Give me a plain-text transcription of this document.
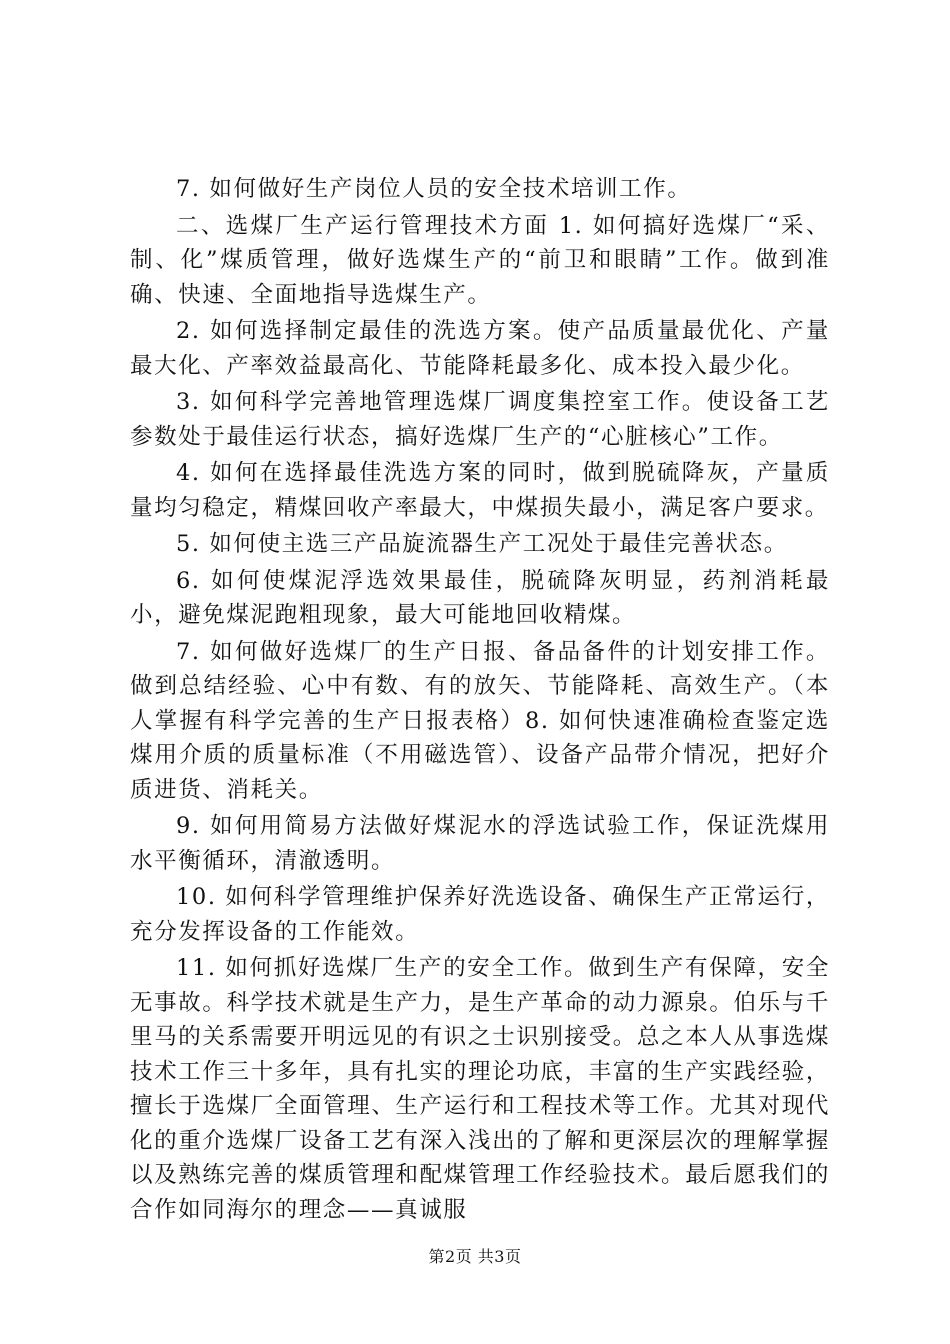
7. 如何做好生产岗位人员的安全技术培训工作。

二、选煤厂生产运行管理技术方面 1. 如何搞好选煤厂“采、制、化”煤质管理，做好选煤生产的“前卫和眼睛”工作。做到准确、快速、全面地指导选煤生产。

2. 如何选择制定最佳的洗选方案。使产品质量最优化、产量最大化、产率效益最高化、节能降耗最多化、成本投入最少化。

3. 如何科学完善地管理选煤厂调度集控室工作。使设备工艺参数处于最佳运行状态，搞好选煤厂生产的“心脏核心”工作。

4. 如何在选择最佳洗选方案的同时，做到脱硫降灰，产量质量均匀稳定，精煤回收产率最大，中煤损失最小，满足客户要求。

5. 如何使主选三产品旋流器生产工况处于最佳完善状态。

6. 如何使煤泥浮选效果最佳，脱硫降灰明显，药剂消耗最小，避免煤泥跑粗现象，最大可能地回收精煤。

7. 如何做好选煤厂的生产日报、备品备件的计划安排工作。做到总结经验、心中有数、有的放矢、节能降耗、高效生产。（本人掌握有科学完善的生产日报表格）8. 如何快速准确检查鉴定选煤用介质的质量标准（不用磁选管）、设备产品带介情况，把好介质进货、消耗关。

9. 如何用简易方法做好煤泥水的浮选试验工作，保证洗煤用水平衡循环，清澈透明。

10. 如何科学管理维护保养好洗选设备、确保生产正常运行，充分发挥设备的工作能效。

11. 如何抓好选煤厂生产的安全工作。做到生产有保障，安全无事故。科学技术就是生产力，是生产革命的动力源泉。伯乐与千里马的关系需要开明远见的有识之士识别接受。总之本人从事选煤技术工作三十多年，具有扎实的理论功底，丰富的生产实践经验，擅长于选煤厂全面管理、生产运行和工程技术等工作。尤其对现代化的重介选煤厂设备工艺有深入浅出的了解和更深层次的理解掌握以及熟练完善的煤质管理和配煤管理工作经验技术。最后愿我们的合作如同海尔的理念——真诚服

第2页 共3页
